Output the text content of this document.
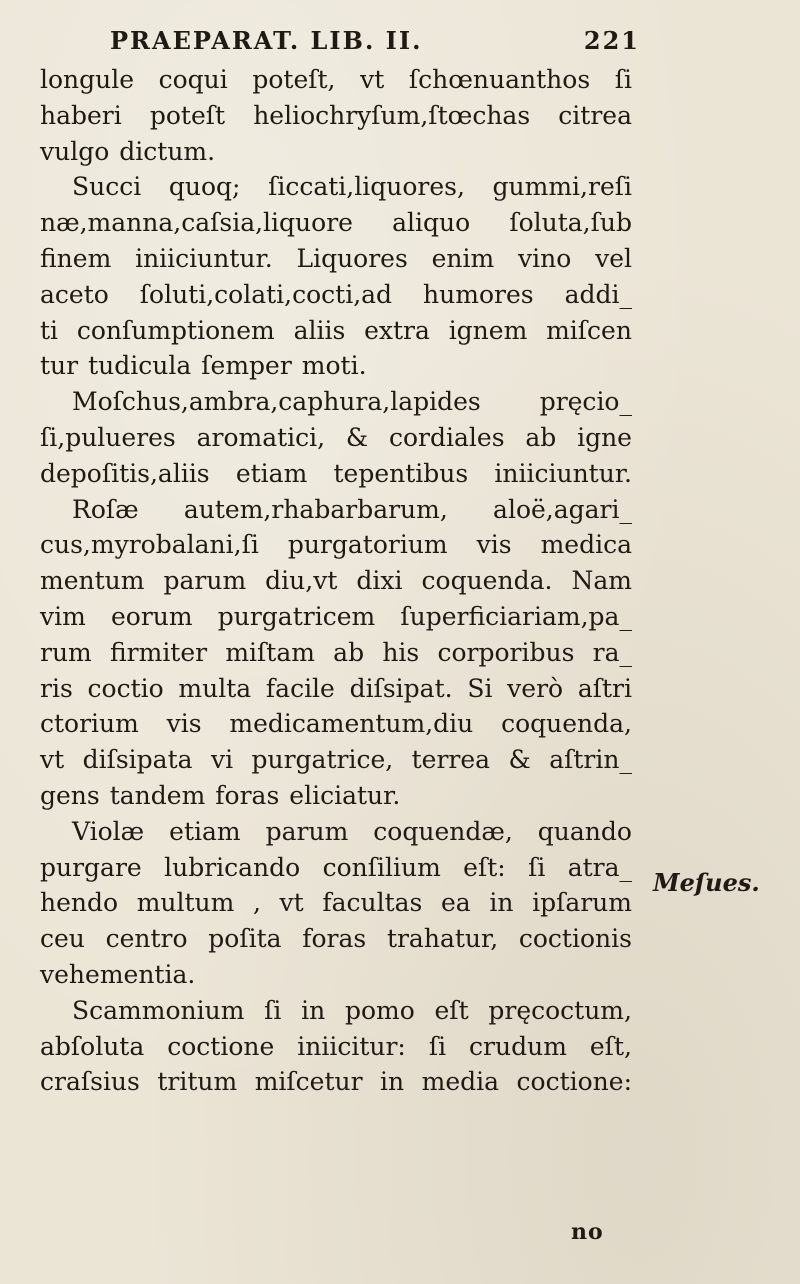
PRAEPARAT. LIB. II.	221
longule coqui poteſt, vt ſchœnuanthos ſi
haberi poteſt heliochryſum,ſtœchas citrea
vulgo dictum.
Succi quoq; ſiccati,liquores, gummi,reſi
næ,manna,caſsia,liquore aliquo ſoluta,ſub
finem iniiciuntur. Liquores enim vino vel
aceto ſoluti,colati,cocti,ad humores addi_
ti conſumptionem aliis extra ignem miſcen
tur tudicula ſemper moti.
Moſchus,ambra,caphura,lapides pręcio_
ſi,pulueres aromatici, & cordiales ab igne
depoſitis,aliis etiam tepentibus iniiciuntur.
Roſæ autem,rhabarbarum, aloë,agari_
cus,myrobalani,ſi purgatorium vis medica
mentum parum diu,vt dixi coquenda. Nam
vim eorum purgatricem ſuperficiariam,pa_
rum firmiter miſtam ab his corporibus ra_
ris coctio multa facile diſsipat. Si verò aſtri
ctorium vis medicamentum,diu coquenda,
vt diſsipata vi purgatrice, terrea & aſtrin_
gens tandem foras eliciatur.
Violæ etiam parum coquendæ, quando
purgare lubricando conſilium eſt: ſi atra_
hendo multum , vt facultas ea in ipſarum
ceu centro poſita foras trahatur, coctionis
vehementia.
Scammonium ſi in pomo eſt pręcoctum,
abſoluta coctione iniicitur: ſi crudum eſt,
craſsius tritum miſcetur in media coctione:
Meſues.
no
